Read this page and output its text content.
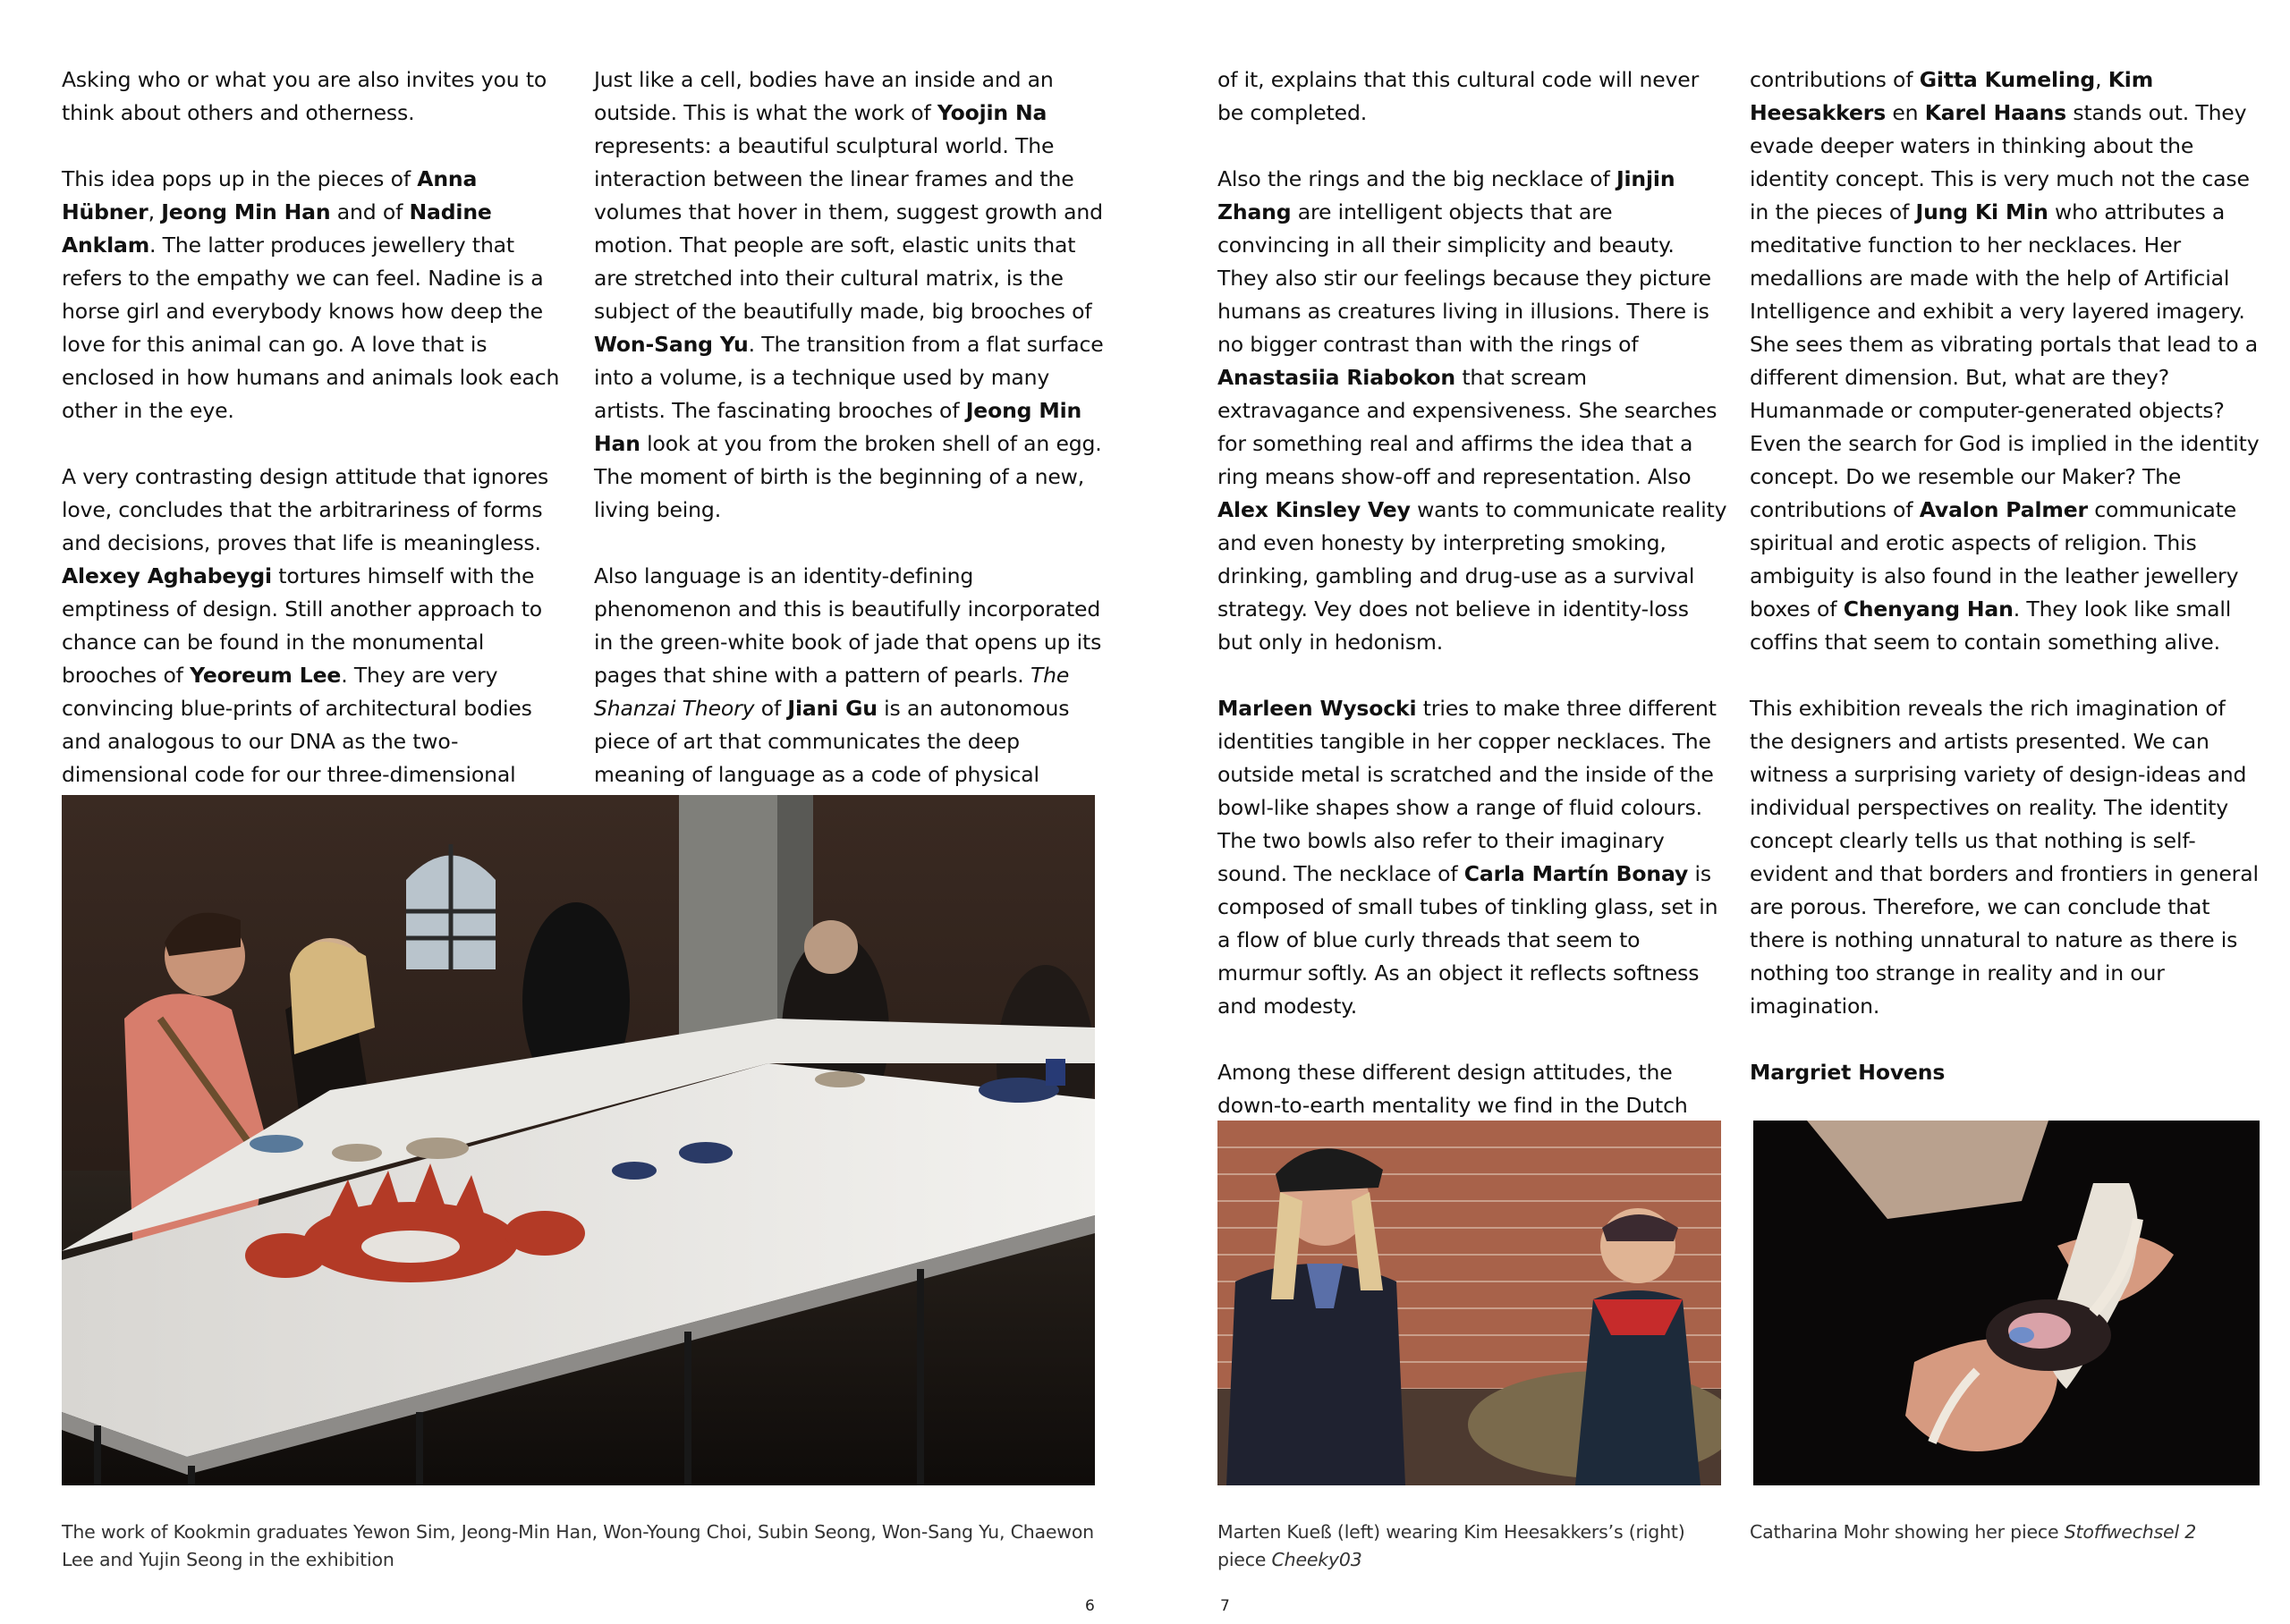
Asking who or what you are also invites you to think about others and otherness.

This idea pops up in the pieces of Anna Hübner, Jeong Min Han and of Nadine Anklam. The latter produces jewellery that refers to the empathy we can feel. Nadine is a horse girl and everybody knows how deep the love for this animal can go. A love that is enclosed in how humans and animals look each other in the eye.

A very contrasting design attitude that ignores love, concludes that the arbitrariness of forms and decisions, proves that life is meaningless. Alexey Aghabeygi tortures himself with the emptiness of design. Still another approach to chance can be found in the monumental brooches of Yeoreum Lee. They are very convincing blue-prints of architectural bodies and analogous to our DNA as the two-dimensional code for our three-dimensional

Just like a cell, bodies have an inside and an outside. This is what the work of Yoojin Na represents: a beautiful sculptural world. The interaction between the linear frames and the volumes that hover in them, suggest growth and motion. That people are soft, elastic units that are stretched into their cultural matrix, is the subject of the beautifully made, big brooches of Won-Sang Yu. The transition from a flat surface into a volume, is a technique used by many artists. The fascinating brooches of Jeong Min Han look at you from the broken shell of an egg. The moment of birth is the beginning of a new, living being.

Also language is an identity-defining phenomenon and this is beautifully incorporated in the green-white book of jade that opens up its pages that shine with a pattern of pearls. The Shanzai Theory of Jiani Gu is an autonomous piece of art that communicates the deep meaning of language as a code of physical

The work of Kookmin graduates Yewon Sim, Jeong-Min Han, Won-Young Choi, Subin Seong, Won-Sang Yu, Chaewon Lee and Yujin Seong in the exhibition
6

of it, explains that this cultural code will never be completed.

Also the rings and the big necklace of Jinjin Zhang are intelligent objects that are convincing in all their simplicity and beauty. They also stir our feelings because they picture humans as creatures living in illusions. There is no bigger contrast than with the rings of Anastasiia Riabokon that scream extravagance and expensiveness. She searches for something real and affirms the idea that a ring means show-off and representation. Also Alex Kinsley Vey wants to communicate reality and even honesty by interpreting smoking, drinking, gambling and drug-use as a survival strategy. Vey does not believe in identity-loss but only in hedonism.

Marleen Wysocki tries to make three different identities tangible in her copper necklaces. The outside metal is scratched and the inside of the bowl-like shapes show a range of fluid colours. The two bowls also refer to their imaginary sound. The necklace of Carla Martín Bonay is composed of small tubes of tinkling glass, set in a flow of blue curly threads that seem to murmur softly. As an object it reflects softness and modesty.

Among these different design attitudes, the down-to-earth mentality we find in the Dutch

contributions of Gitta Kumeling, Kim Heesakkers en Karel Haans stands out. They evade deeper waters in thinking about the identity concept. This is very much not the case in the pieces of Jung Ki Min who attributes a meditative function to her necklaces. Her medallions are made with the help of Artificial Intelligence and exhibit a very layered imagery. She sees them as vibrating portals that lead to a different dimension. But, what are they? Humanmade or computer-generated objects? Even the search for God is implied in the identity concept. Do we resemble our Maker? The contributions of Avalon Palmer communicate spiritual and erotic aspects of religion. This ambiguity is also found in the leather jewellery boxes of Chenyang Han. They look like small coffins that seem to contain something alive.

This exhibition reveals the rich imagination of the designers and artists presented. We can witness a surprising variety of design-ideas and individual perspectives on reality. The identity concept clearly tells us that nothing is self-evident and that borders and frontiers in general are porous. Therefore, we can conclude that there is nothing unnatural to nature as there is nothing too strange in reality and in our imagination.

Margriet Hovens

Marten Kueß (left) wearing Kim Heesakkers’s (right) piece Cheeky03
Catharina Mohr showing her piece Stoffwechsel 2
7
